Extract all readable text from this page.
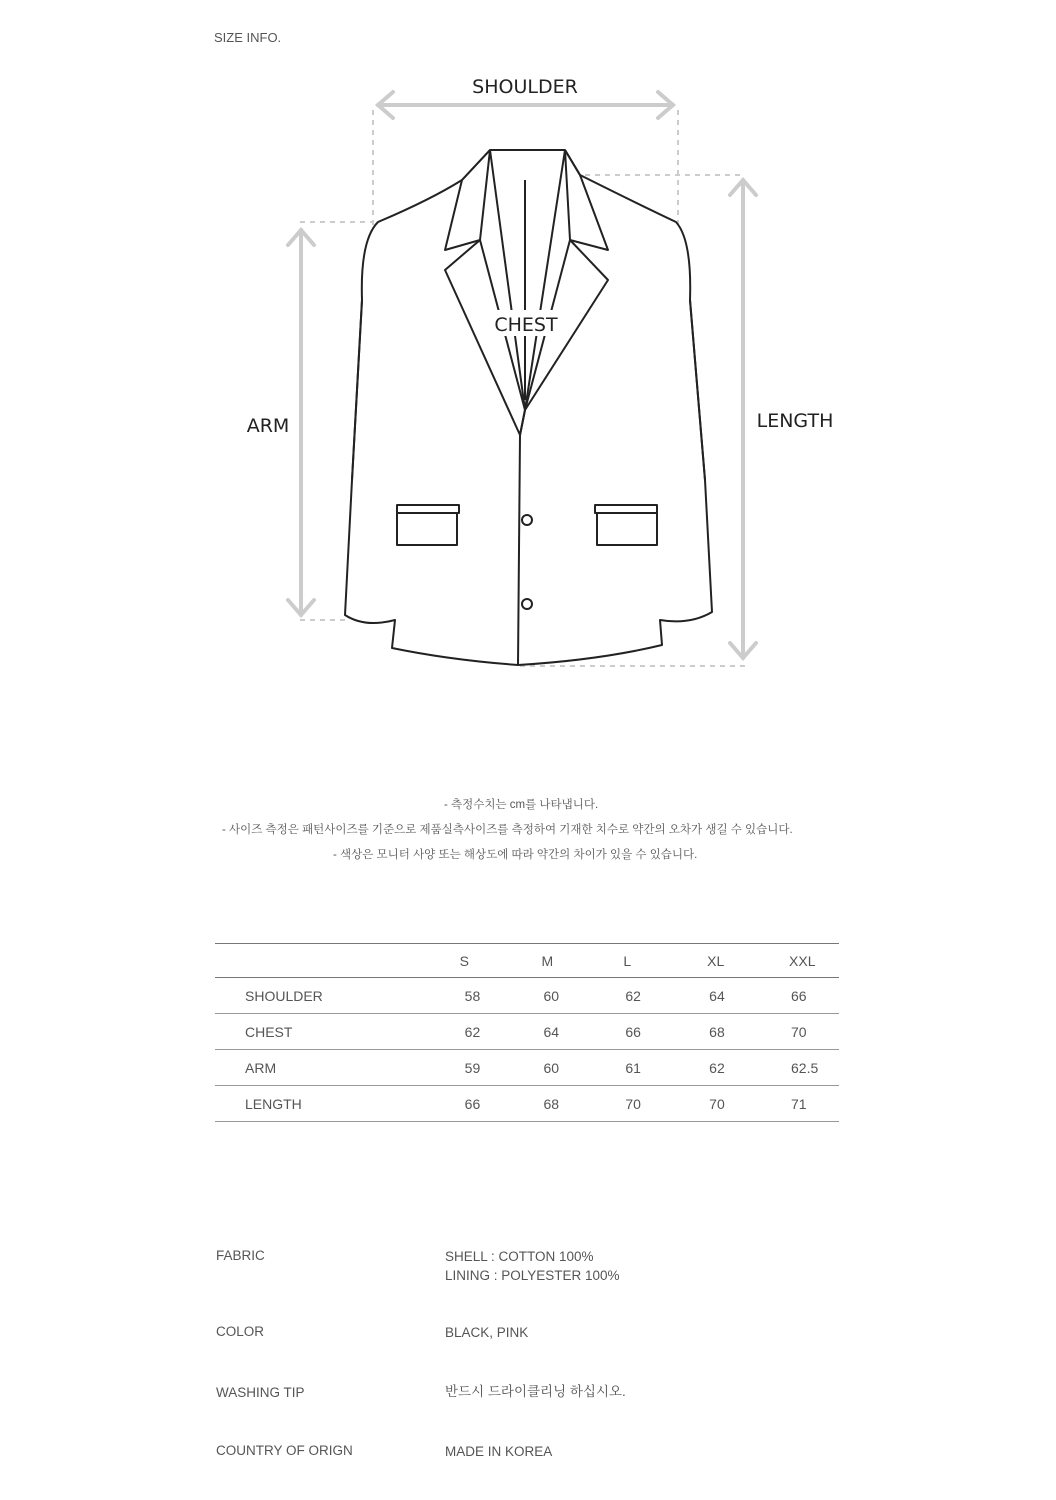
SIZE INFO.
SHOULDER
CHEST
ARM	LENGTH
- 측정수치는 cm를 나타냅니다.
- 사이즈 측정은 패턴사이즈를 기준으로 제품실측사이즈를 측정하여 기재한 치수로 약간의 오차가 생길 수 있습니다.
- 색상은 모니터 사양 또는 해상도에 따라 약간의 차이가 있을 수 있습니다.
	S	M	L	XL	XXL
SHOULDER	58	60	62	64	66
CHEST	62	64	66	68	70
ARM	59	60	61	62	62.5
LENGTH	66	68	70	70	71
FABRIC	SHELL : COTTON 100%
LINING : POLYESTER 100%
COLOR	BLACK, PINK
WASHING TIP	반드시 드라이클리닝 하십시오.
COUNTRY OF ORIGN	MADE IN KOREA
